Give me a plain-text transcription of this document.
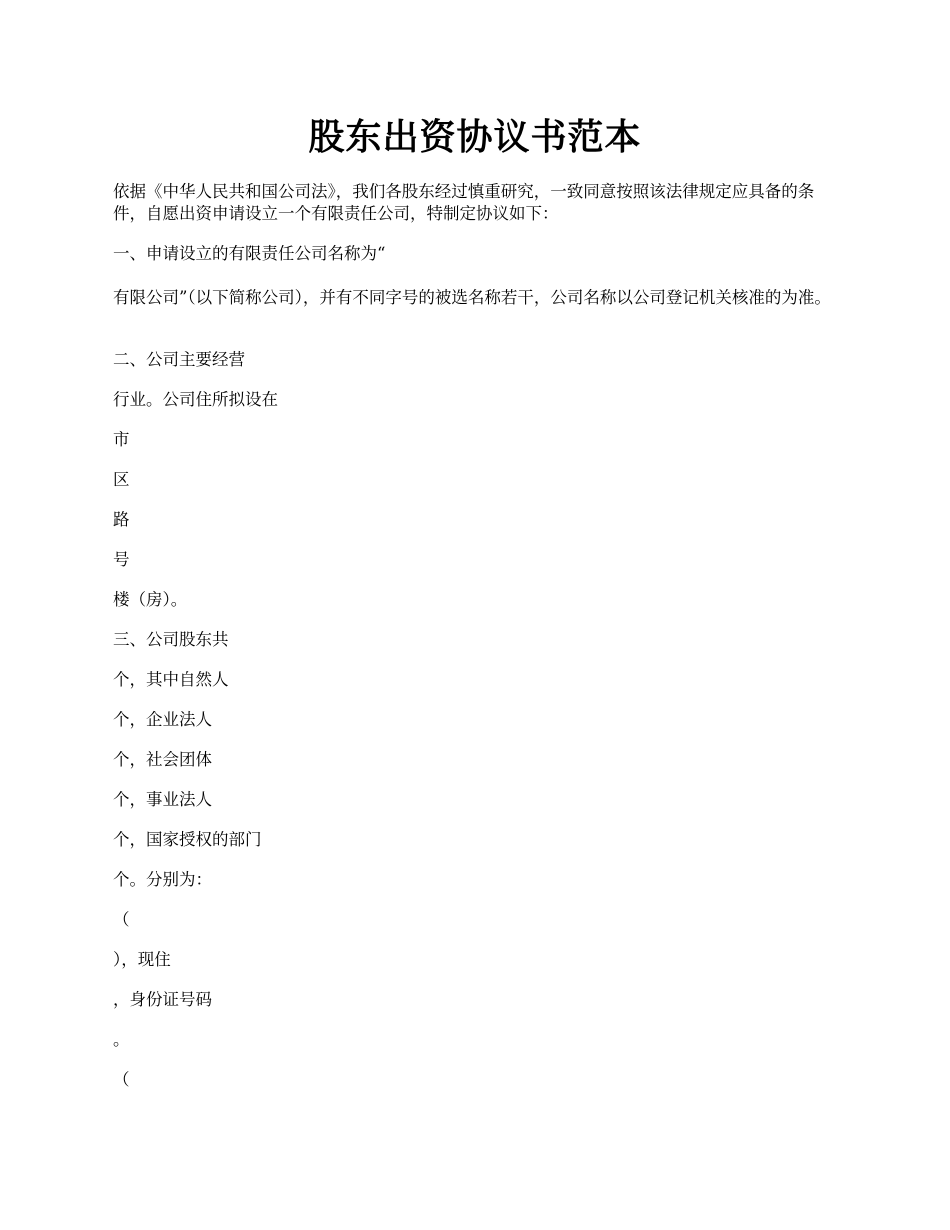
股东出资协议书范本
依据《中华人民共和国公司法》，我们各股东经过慎重研究，一致同意按照该法律规定应具备的条件，自愿出资申请设立一个有限责任公司，特制定协议如下：
一、申请设立的有限责任公司名称为“
有限公司”（以下简称公司），并有不同字号的被选名称若干，公司名称以公司登记机关核准的为准。
二、公司主要经营
行业。公司住所拟设在
市
区
路
号
楼（房）。
三、公司股东共
个，其中自然人
个，企业法人
个，社会团体
个，事业法人
个，国家授权的部门
个。分别为：
（
），现住
，身份证号码
。
（
